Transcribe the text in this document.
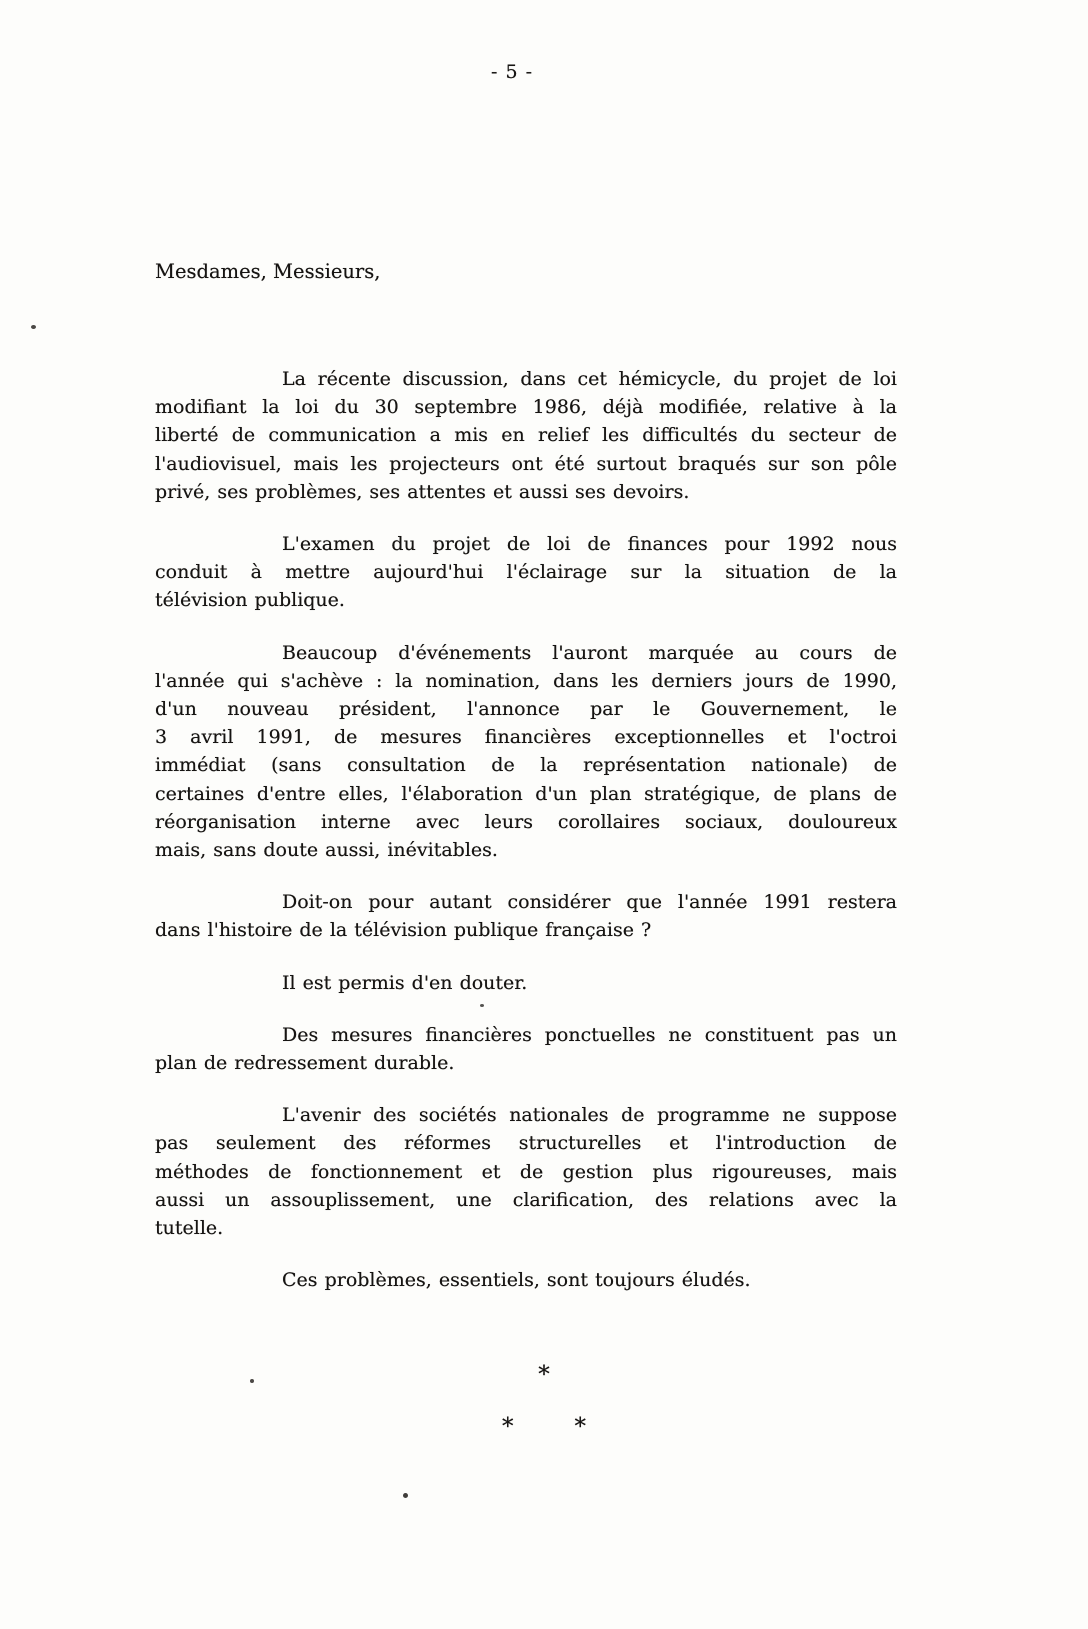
- 5 -
Mesdames, Messieurs,
La récente discussion, dans cet hémicycle, du projet de loi
modifiant la loi du 30 septembre 1986, déjà modifiée, relative à la
liberté de communication a mis en relief les difficultés du secteur de
l'audiovisuel, mais les projecteurs ont été surtout braqués sur son pôle
privé, ses problèmes, ses attentes et aussi ses devoirs.
L'examen du projet de loi de finances pour 1992 nous
conduit à mettre aujourd'hui l'éclairage sur la situation de la
télévision publique.
Beaucoup d'événements l'auront marquée au cours de
l'année qui s'achève : la nomination, dans les derniers jours de 1990,
d'un nouveau président, l'annonce par le Gouvernement, le
3 avril 1991, de mesures financières exceptionnelles et l'octroi
immédiat (sans consultation de la représentation nationale) de
certaines d'entre elles, l'élaboration d'un plan stratégique, de plans de
réorganisation interne avec leurs corollaires sociaux, douloureux
mais, sans doute aussi, inévitables.
Doit-on pour autant considérer que l'année 1991 restera
dans l'histoire de la télévision publique française ?
Il est permis d'en douter.
Des mesures financières ponctuelles ne constituent pas un
plan de redressement durable.
L'avenir des sociétés nationales de programme ne suppose
pas seulement des réformes structurelles et l'introduction de
méthodes de fonctionnement et de gestion plus rigoureuses, mais
aussi un assouplissement, une clarification, des relations avec la
tutelle.
Ces problèmes, essentiels, sont toujours éludés.
*
*	*
